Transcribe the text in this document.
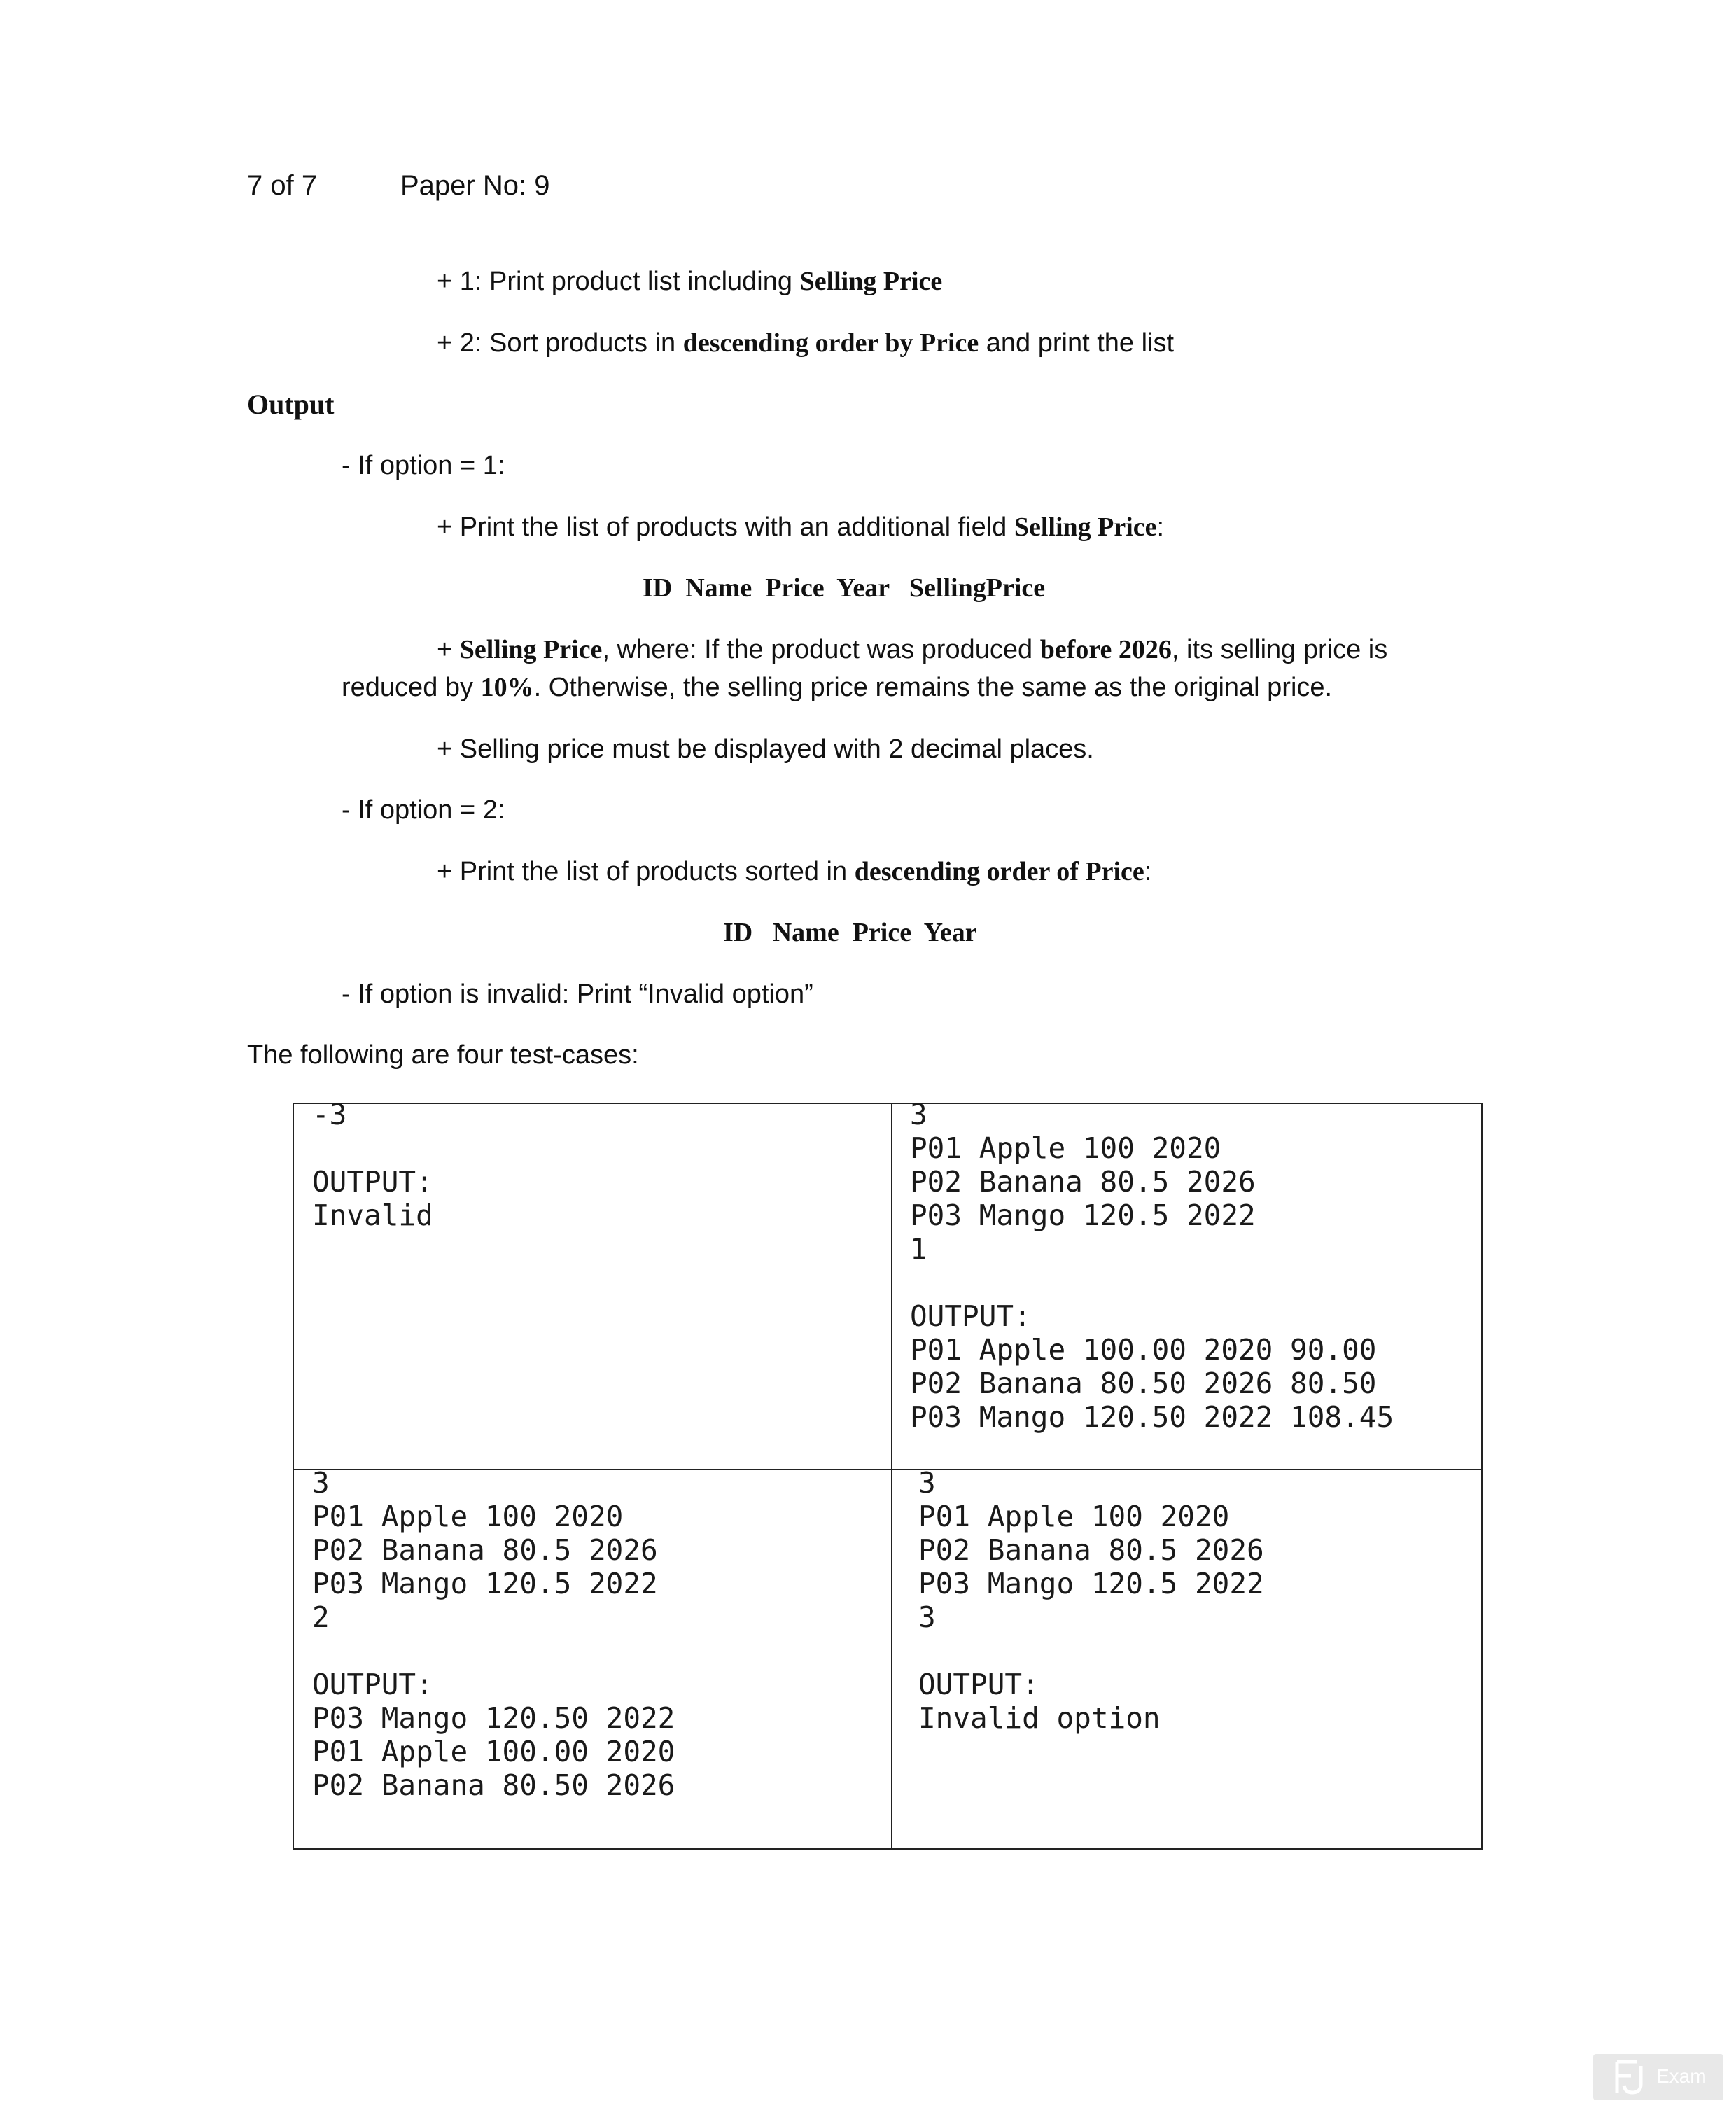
7 of 7	Paper No: 9
+ 1: Print product list including Selling Price
+ 2: Sort products in descending order by Price and print the list
Output
- If option = 1:
+ Print the list of products with an additional field Selling Price:
ID  Name  Price  Year   SellingPrice
+ Selling Price, where: If the product was produced before 2026, its selling price is
reduced by 10%. Otherwise, the selling price remains the same as the original price.
+ Selling price must be displayed with 2 decimal places.
- If option = 2:
+ Print the list of products sorted in descending order of Price:
ID   Name  Price  Year
- If option is invalid: Print “Invalid option”
The following are four test-cases:
-3

OUTPUT:
Invalid
3
P01 Apple 100 2020
P02 Banana 80.5 2026
P03 Mango 120.5 2022
1

OUTPUT:
P01 Apple 100.00 2020 90.00
P02 Banana 80.50 2026 80.50
P03 Mango 120.50 2022 108.45
3
P01 Apple 100 2020
P02 Banana 80.5 2026
P03 Mango 120.5 2022
2

OUTPUT:
P03 Mango 120.50 2022
P01 Apple 100.00 2020
P02 Banana 80.50 2026
3
P01 Apple 100 2020
P02 Banana 80.5 2026
P03 Mango 120.5 2022
3

OUTPUT:
Invalid option
Exam
